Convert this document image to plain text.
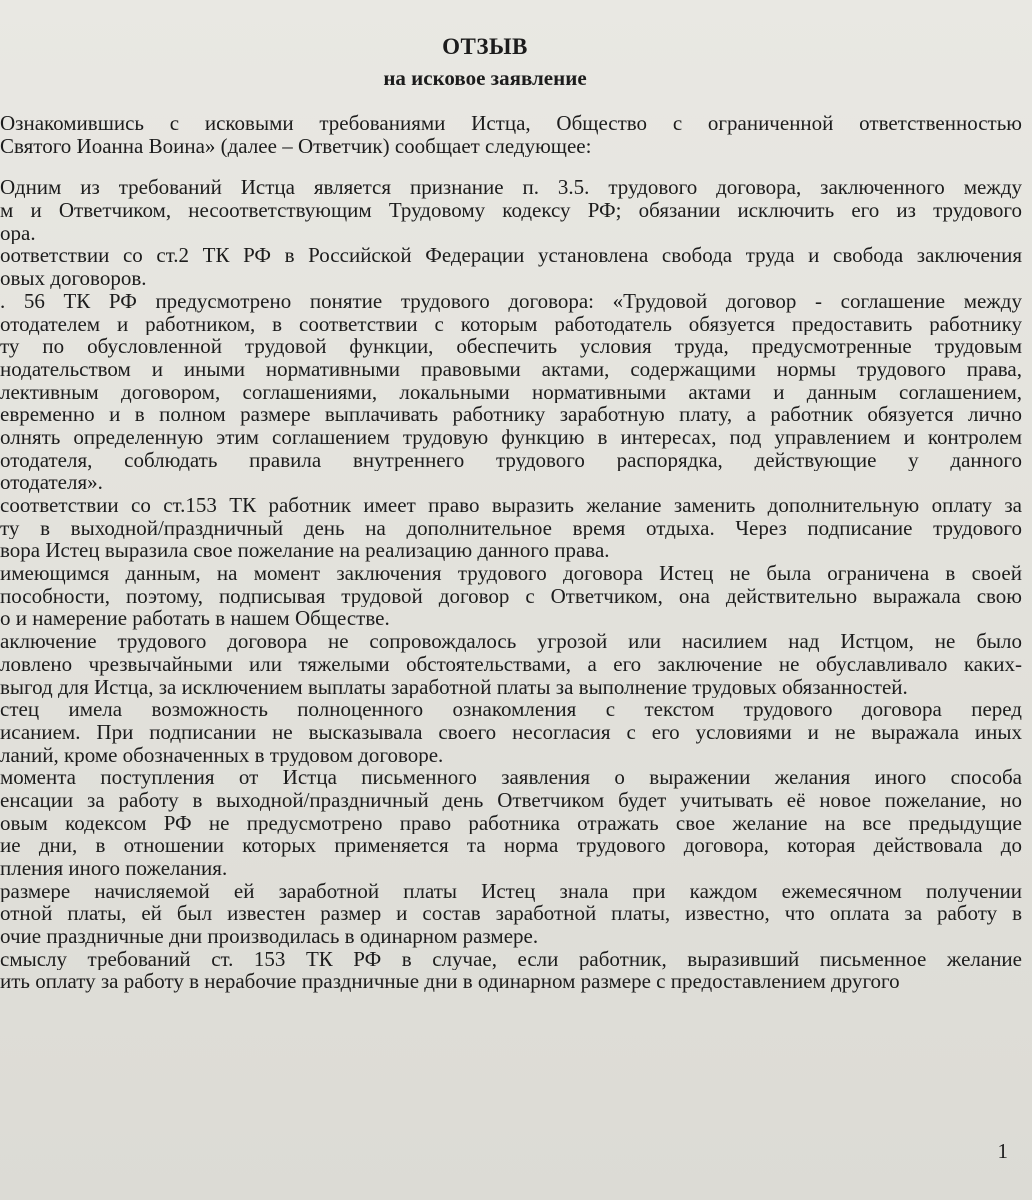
ОТЗЫВ
на исковое заявление
Ознакомившись с исковыми требованиями Истца, Общество с ограниченной ответственностью
Святого Иоанна Воина» (далее – Ответчик) сообщает следующее:
Одним из требований Истца является признание п. 3.5. трудового договора, заключенного между
м и Ответчиком, несоответствующим Трудовому кодексу РФ; обязании исключить его из трудового
ора.
оответствии со ст.2 ТК РФ в Российской Федерации установлена свобода труда и свобода заключения
овых договоров.
. 56 ТК РФ предусмотрено понятие трудового договора: «Трудовой договор - соглашение между
отодателем и работником, в соответствии с которым работодатель обязуется предоставить работнику
ту по обусловленной трудовой функции, обеспечить условия труда, предусмотренные трудовым
нодательством и иными нормативными правовыми актами, содержащими нормы трудового права,
лективным договором, соглашениями, локальными нормативными актами и данным соглашением,
евременно и в полном размере выплачивать работнику заработную плату, а работник обязуется лично
олнять определенную этим соглашением трудовую функцию в интересах, под управлением и контролем
отодателя, соблюдать правила внутреннего трудового распорядка, действующие у данного
отодателя».
соответствии со ст.153 ТК работник имеет право выразить желание заменить дополнительную оплату за
ту в выходной/праздничный день на дополнительное время отдыха. Через подписание трудового
вора Истец выразила свое пожелание на реализацию данного права.
имеющимся данным, на момент заключения трудового договора Истец не была ограничена в своей
пособности, поэтому, подписывая трудовой договор с Ответчиком, она действительно выражала свою
о и намерение работать в нашем Обществе.
аключение трудового договора не сопровождалось угрозой или насилием над Истцом, не было
ловлено чрезвычайными или тяжелыми обстоятельствами, а его заключение не обуславливало каких-
выгод для Истца, за исключением выплаты заработной платы за выполнение трудовых обязанностей.
стец имела возможность полноценного ознакомления с текстом трудового договора перед
исанием. При подписании не высказывала своего несогласия с его условиями и не выражала иных
ланий, кроме обозначенных в трудовом договоре.
момента поступления от Истца письменного заявления о выражении желания иного способа
енсации за работу в выходной/праздничный день Ответчиком будет учитывать её новое пожелание, но
овым кодексом РФ не предусмотрено право работника отражать свое желание на все предыдущие
ие дни, в отношении которых применяется та норма трудового договора, которая действовала до
пления иного пожелания.
размере начисляемой ей заработной платы Истец знала при каждом ежемесячном получении
отной платы, ей был известен размер и состав заработной платы, известно, что оплата за работу в
очие праздничные дни производилась в одинарном размере.
смыслу требований ст. 153 ТК РФ в случае, если работник, выразивший письменное желание
ить оплату за работу в нерабочие праздничные дни в одинарном размере с предоставлением другого
1
